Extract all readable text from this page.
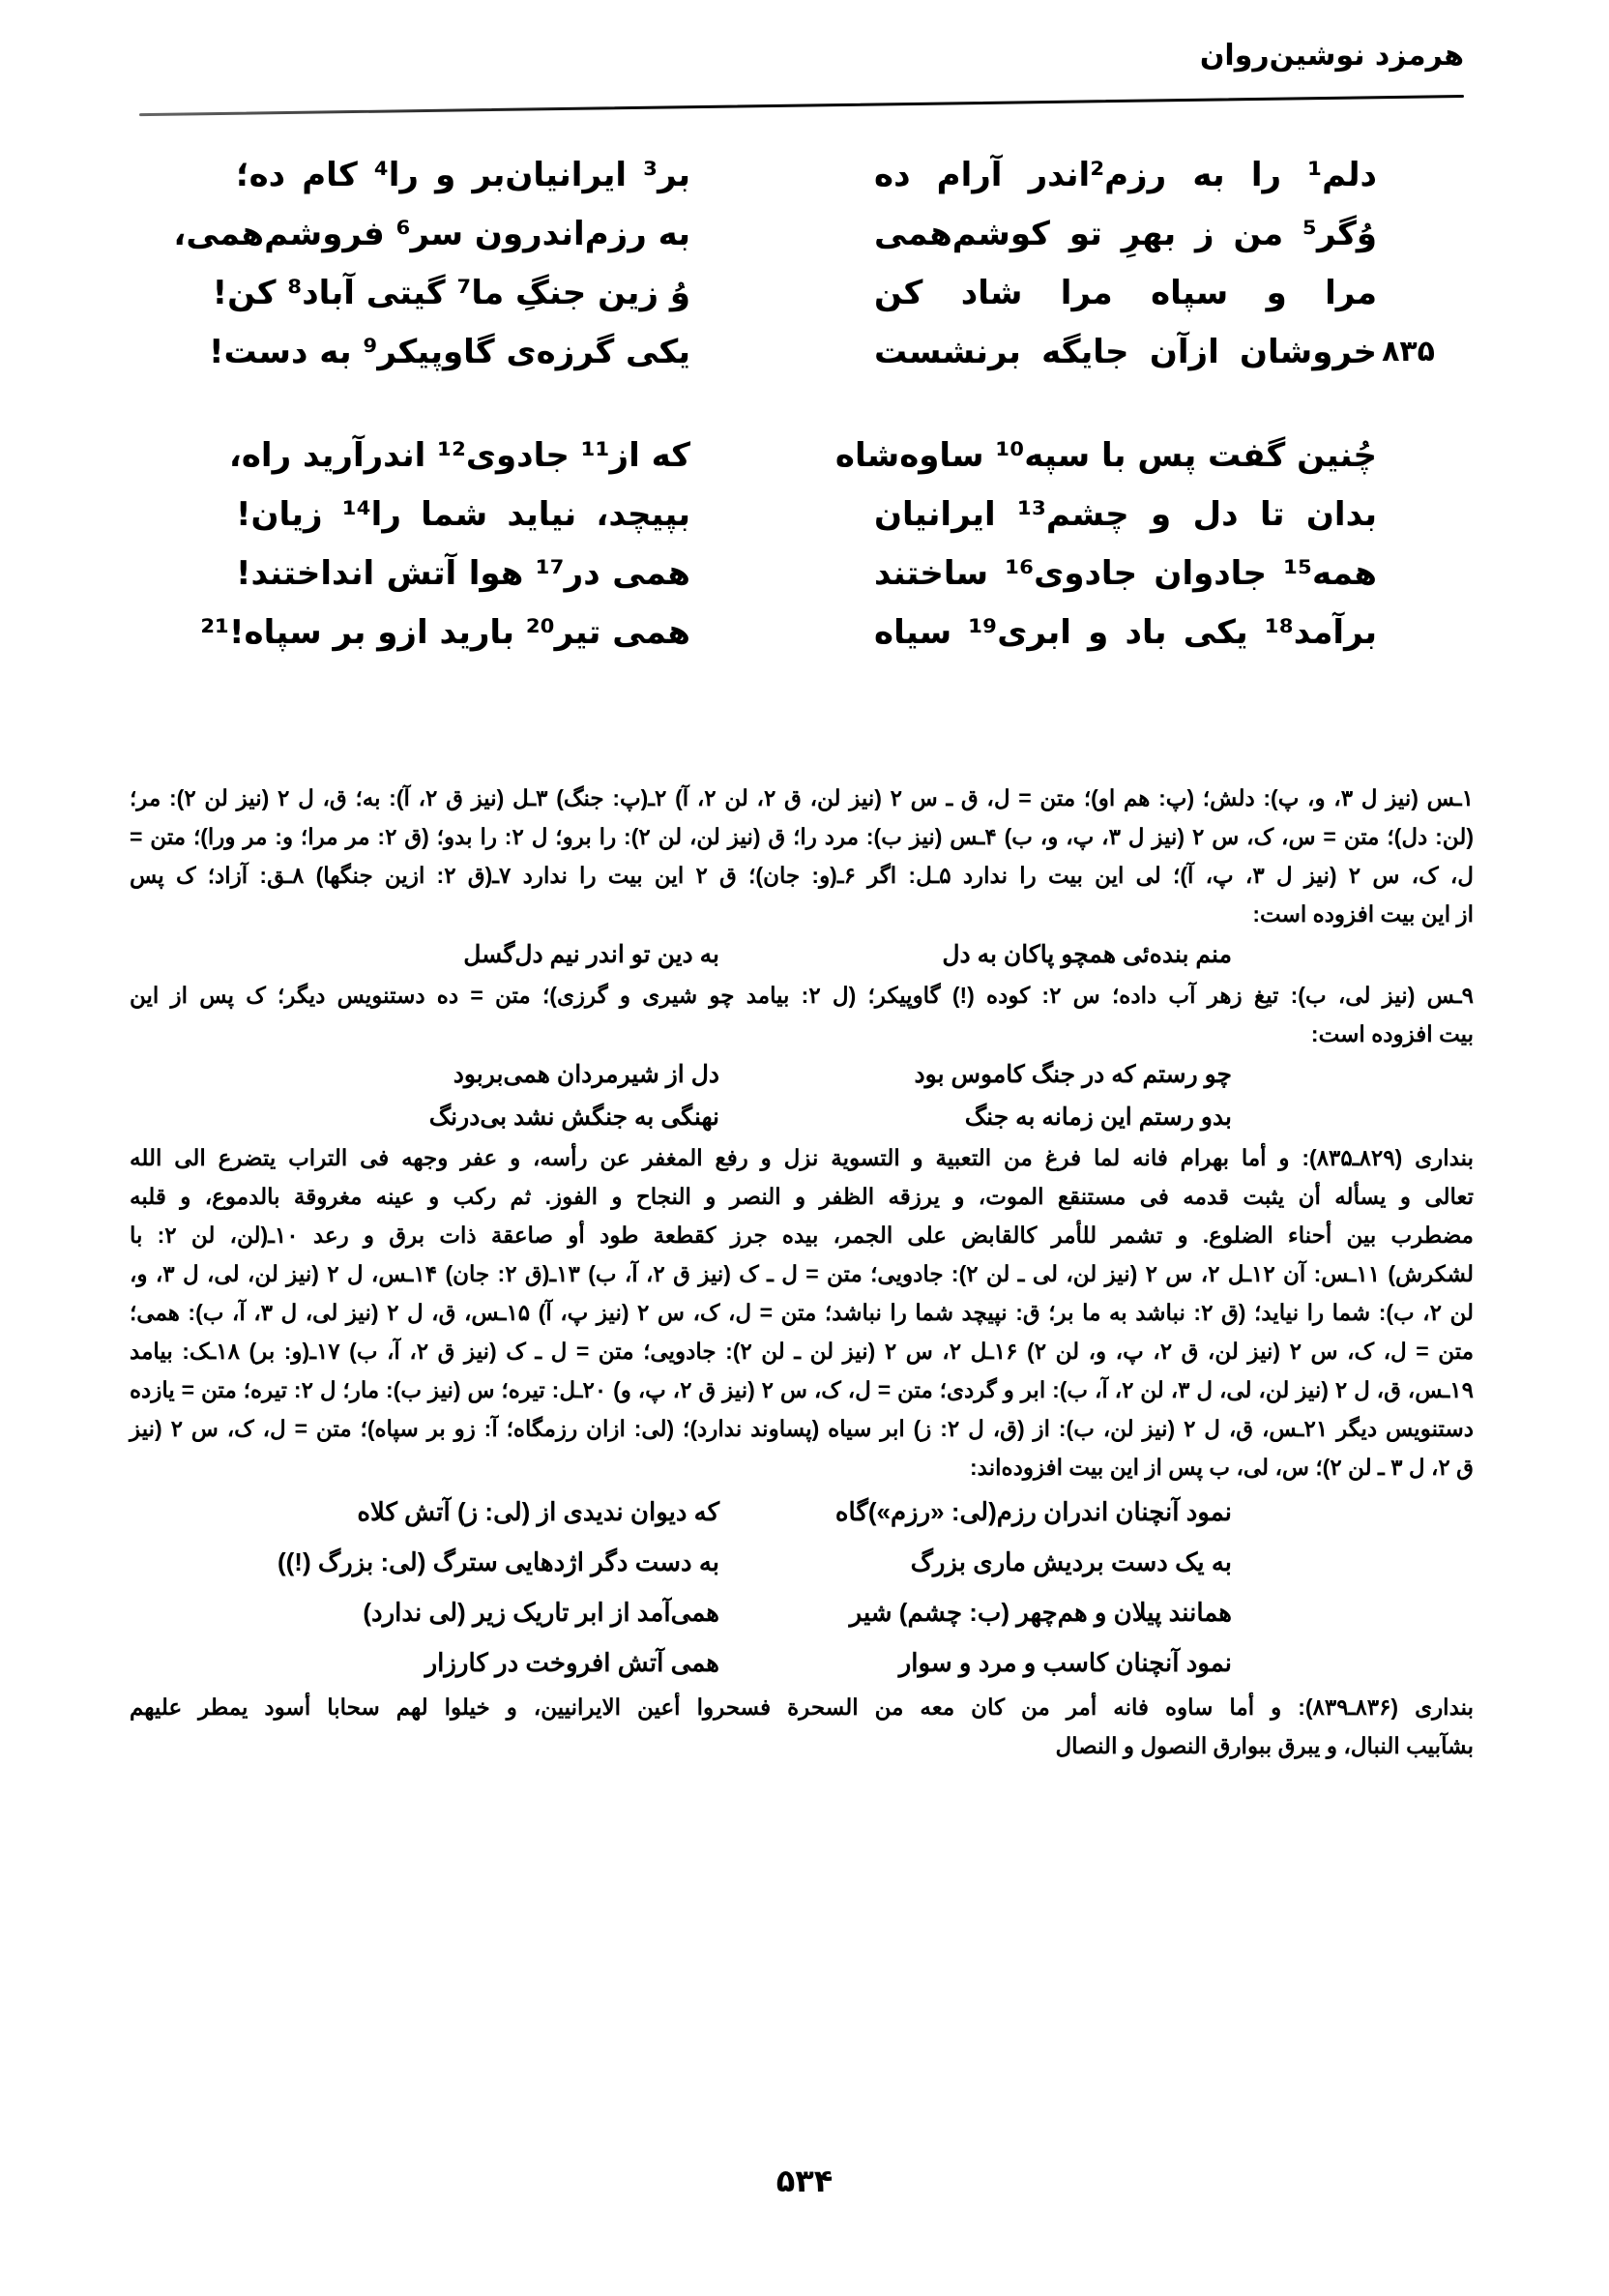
هرمزد نوشین‌روان
دلم¹ را به رزم²اندر آرام ده
بر³ ایرانیان‌بر و را⁴ کام ده؛
وُگر⁵ من ز بهرِ تو کوشم‌همی
به رزم‌اندرون سر⁶ فروشم‌همی،
مرا و سپاه مرا شاد کن
وُ زین جنگِ ما⁷ گیتی آباد⁸ کن!
۸۳۵
خروشان ازآن جایگه برنشست
یکی گرزه‌ی گاوپیکر⁹ به دست!
چُنین گفت پس با سپه¹⁰ ساوه‌شاه
که از¹¹ جادوی¹² اندرآرید راه،
بدان تا دل و چشم¹³ ایرانیان
بپیچد، نیاید شما را¹⁴ زیان!
همه¹⁵ جادوان جادوی¹⁶ ساختند
همی در¹⁷ هوا آتش انداختند!
برآمد¹⁸ یکی باد و ابری¹⁹ سیاه
همی تیر²⁰ بارید ازو بر سپاه!²¹
۱ـس (نیز ل ۳، و، پ): دلش؛ (پ: هم او)؛ متن = ل، ق ـ س ۲ (نیز لن، ق ۲، لن ۲، آ) ۲ـ(پ: جنگ) ۳ـل (نیز ق ۲، آ): به؛ ق، ل ۲ (نیز لن ۲): مر؛
(لن: دل)؛ متن = س، ک، س ۲ (نیز ل ۳، پ، و، ب) ۴ـس (نیز ب): مرد را؛ ق (نیز لن، لن ۲): را برو؛ ل ۲: را بدو؛ (ق ۲: مر مرا؛ و: مر ورا)؛ متن =
ل، ک، س ۲ (نیز ل ۳، پ، آ)؛ لی این بیت را ندارد ۵ـل: اگر ۶ـ(و: جان)؛ ق ۲ این بیت را ندارد ۷ـ(ق ۲: ازین جنگها) ۸ـق: آزاد؛ ک پس
از این بیت افزوده است:
منم بنده‌ئی همچو پاکان به دل
به دین تو اندر نیم دل‌گسل
۹ـس (نیز لی، ب): تیغ زهر آب داده؛ س ۲: کوده (!) گاوپیکر؛ (ل ۲: بیامد چو شیری و گرزی)؛ متن = ده دستنویس دیگر؛ ک پس از این
بیت افزوده است:
چو رستم که در جنگ کاموس بود
دل از شیرمردان همی‌بربود
بدو رستم این زمانه به جنگ
نهنگی به جنگش نشد بی‌درنگ
بنداری (۸۲۹ـ۸۳۵): و أما بهرام فانه لما فرغ من التعبية و التسوية نزل و رفع المغفر عن رأسه، و عفر وجهه فی التراب یتضرع الی الله
تعالی و یسأله أن یثبت قدمه فی مستنقع الموت، و یرزقه الظفر و النصر و النجاح و الفوز. ثم رکب و عینه مغروقة بالدموع، و قلبه
مضطرب بین أحناء الضلوع. و تشمر للأمر کالقابض علی الجمر، بیده جرز کقطعة طود أو صاعقة ذات برق و رعد ۱۰ـ(لن، لن ۲: با
لشکرش) ۱۱ـس: آن ۱۲ـل ۲، س ۲ (نیز لن، لی ـ لن ۲): جادویی؛ متن = ل ـ ک (نیز ق ۲، آ، ب) ۱۳ـ(ق ۲: جان) ۱۴ـس، ل ۲ (نیز لن، لی، ل ۳، و،
لن ۲، ب): شما را نیاید؛ (ق ۲: نباشد به ما بر؛ ق: نپیچد شما را نباشد؛ متن = ل، ک، س ۲ (نیز پ، آ) ۱۵ـس، ق، ل ۲ (نیز لی، ل ۳، آ، ب): همی؛
متن = ل، ک، س ۲ (نیز لن، ق ۲، پ، و، لن ۲) ۱۶ـل ۲، س ۲ (نیز لن ـ لن ۲): جادویی؛ متن = ل ـ ک (نیز ق ۲، آ، ب) ۱۷ـ(و: بر) ۱۸ـک: بیامد
۱۹ـس، ق، ل ۲ (نیز لن، لی، ل ۳، لن ۲، آ، ب): ابر و گردی؛ متن = ل، ک، س ۲ (نیز ق ۲، پ، و) ۲۰ـل: تیره؛ س (نیز ب): مار؛ ل ۲: تیره؛ متن = یازده
دستنویس دیگر ۲۱ـس، ق، ل ۲ (نیز لن، ب): از (ق، ل ۲: ز) ابر سیاه (پساوند ندارد)؛ (لی: ازان رزمگاه؛ آ: زو بر سپاه)؛ متن = ل، ک، س ۲ (نیز
ق ۲، ل ۳ ـ لن ۲)؛ س، لی، ب پس از این بیت افزوده‌اند:
نمود آنچنان اندران رزم(لی: «رزم»)گاه
که دیوان ندیدی از (لی: ز) آتش کلاه
به یک دست بردیش ماری بزرگ
به دست دگر اژدهایی سترگ (لی: بزرگ (!))
همانند پیلان و هم‌چهر (ب: چشم) شیر
همی‌آمد از ابر تاریک زیر (لی ندارد)
نمود آنچنان کاسب و مرد و سوار
همی آتش افروخت در کارزار
بنداری (۸۳۶ـ۸۳۹): و أما ساوه فانه أمر من کان معه من السحرة فسحروا أعین الایرانیین، و خیلوا لهم سحابا أسود یمطر علیهم
بشآبیب النبال، و یبرق ببوارق النصول و النصال
۵۳۴
